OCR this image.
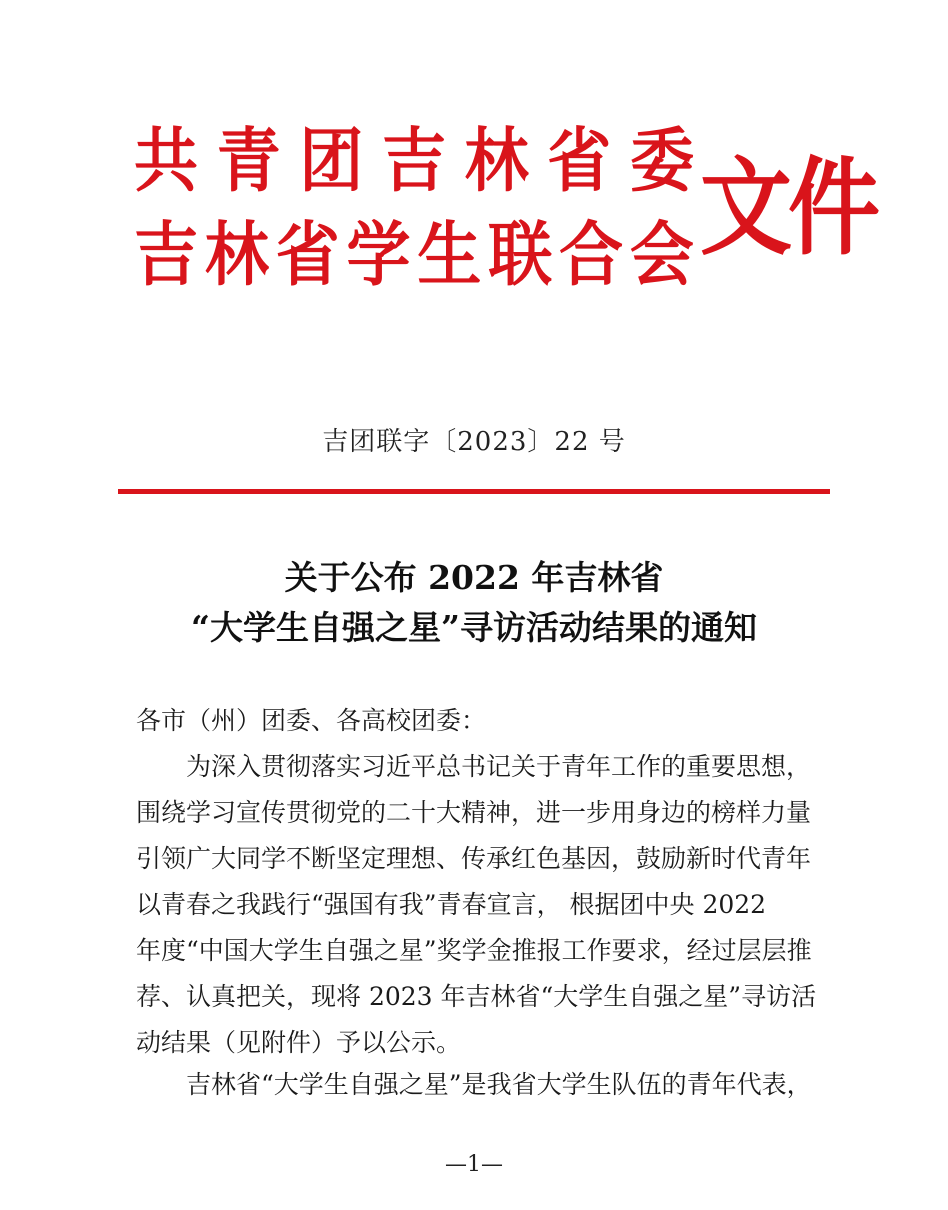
共 青 团 吉 林 省 委
吉 林 省 学 生 联 合 会 文件
吉团联字〔2023〕22 号
关于公布 2022 年吉林省
“大学生自强之星”寻访活动结果的通知
各市（州）团委、各高校团委：
为深入贯彻落实习近平总书记关于青年工作的重要思想，
围绕学习宣传贯彻党的二十大精神，进一步用身边的榜样力量
引领广大同学不断坚定理想、传承红色基因，鼓励新时代青年
以青春之我践行“强国有我”青春宣言， 根据团中央 2022
年度“中国大学生自强之星”奖学金推报工作要求，经过层层推
荐、认真把关，现将 2023 年吉林省“大学生自强之星”寻访活
动结果（见附件）予以公示。
吉林省“大学生自强之星”是我省大学生队伍的青年代表，
—1—
